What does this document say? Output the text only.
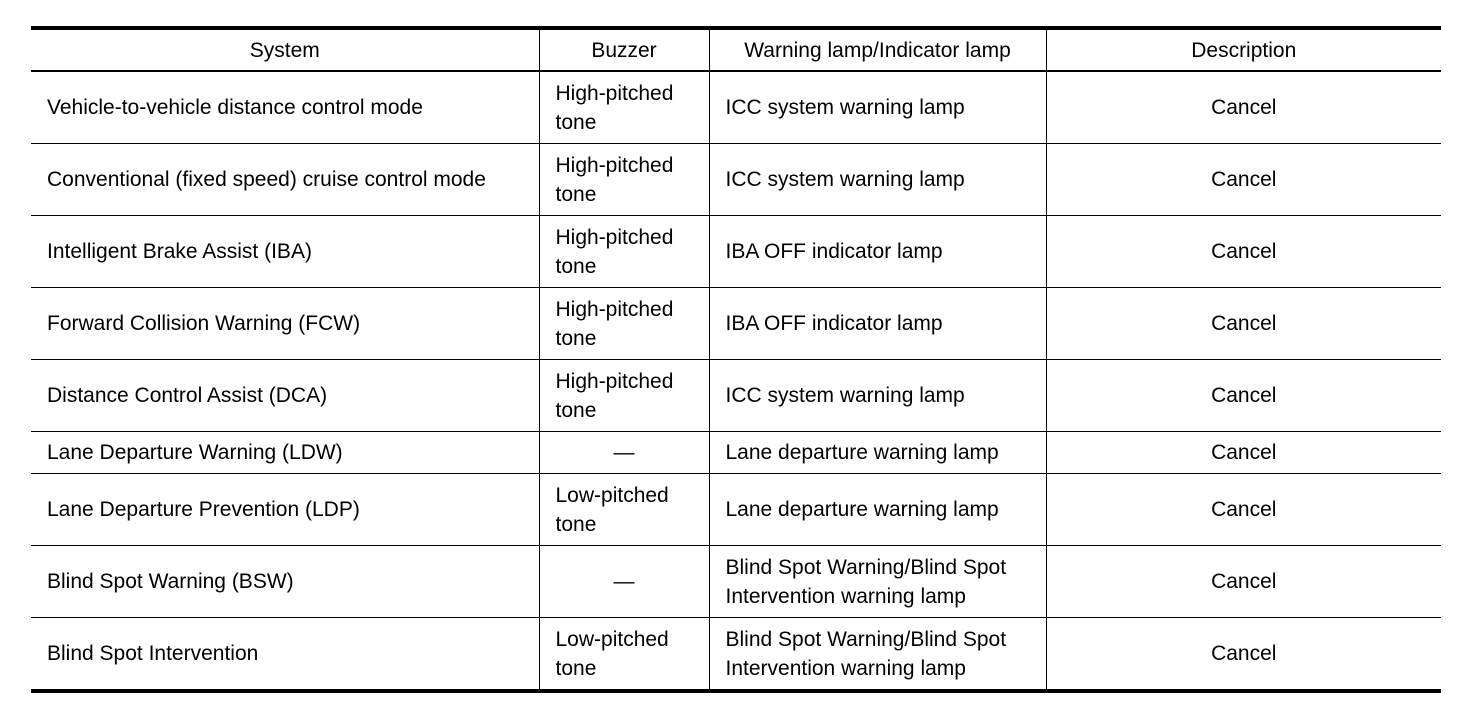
System	Buzzer	Warning lamp/Indicator lamp	Description
Vehicle-to-vehicle distance control mode	High-pitched tone	ICC system warning lamp	Cancel
Conventional (fixed speed) cruise control mode	High-pitched tone	ICC system warning lamp	Cancel
Intelligent Brake Assist (IBA)	High-pitched tone	IBA OFF indicator lamp	Cancel
Forward Collision Warning (FCW)	High-pitched tone	IBA OFF indicator lamp	Cancel
Distance Control Assist (DCA)	High-pitched tone	ICC system warning lamp	Cancel
Lane Departure Warning (LDW)	—	Lane departure warning lamp	Cancel
Lane Departure Prevention (LDP)	Low-pitched tone	Lane departure warning lamp	Cancel
Blind Spot Warning (BSW)	—	Blind Spot Warning/Blind Spot Intervention warning lamp	Cancel
Blind Spot Intervention	Low-pitched tone	Blind Spot Warning/Blind Spot Intervention warning lamp	Cancel
